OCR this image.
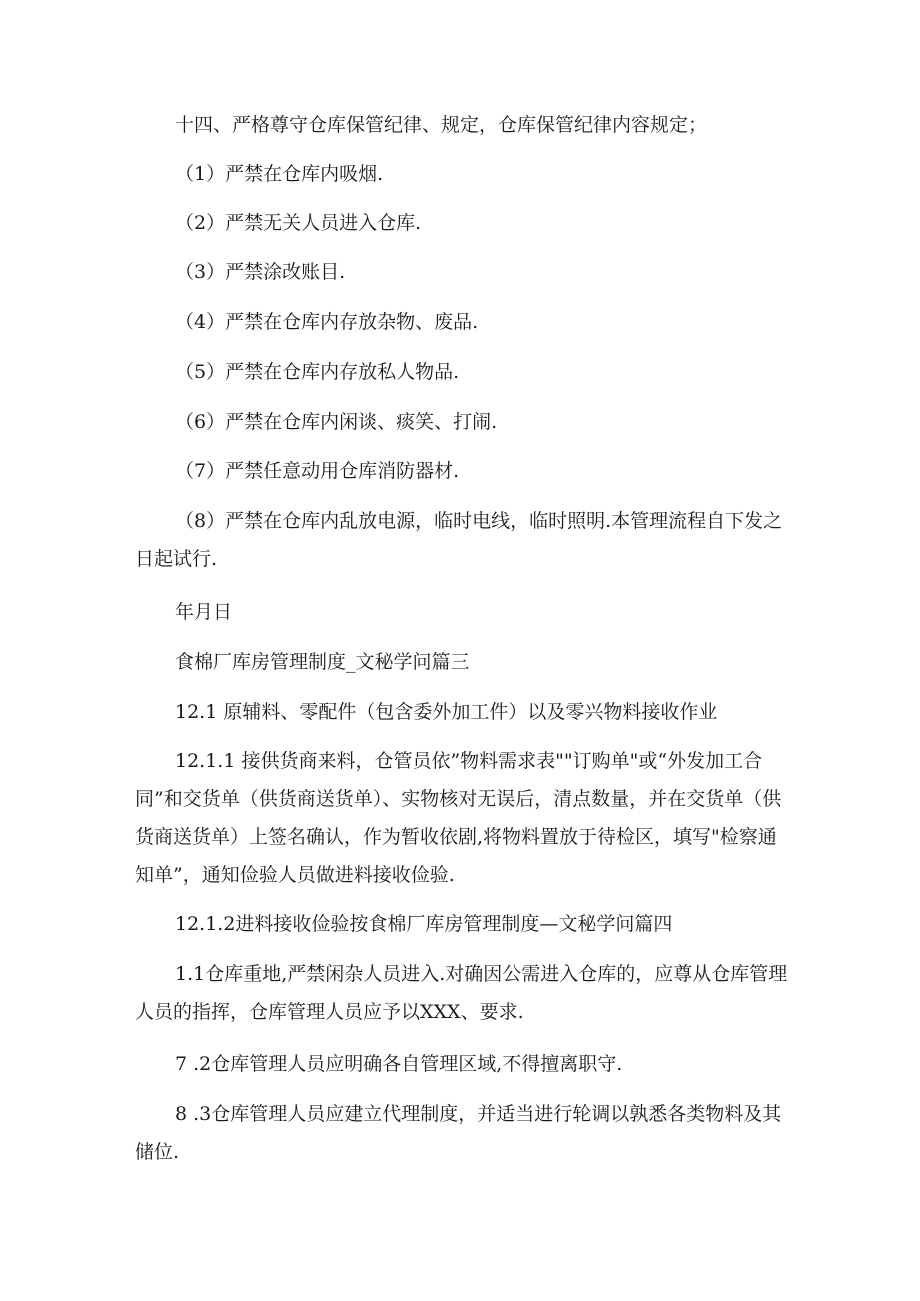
十四、严格尊守仓库保管纪律、规定，仓库保管纪律内容规定；

（1）严禁在仓库内吸烟.

（2）严禁无关人员进入仓库.

（3）严禁涂改账目.

（4）严禁在仓库内存放杂物、废品.

（5）严禁在仓库内存放私人物品.

（6）严禁在仓库内闲谈、痰笑、打闹.

（7）严禁任意动用仓库消防器材.

（8）严禁在仓库内乱放电源，临时电线，临时照明.本管理流程自下发之日起试行.

年月日

食棉厂库房管理制度_文秘学问篇三

12.1 原辅料、零配件（包含委外加工件）以及零兴物料接收作业

12.1.1 接供货商来料，仓管员依”物料需求表""订购单"或“外发加工合同”和交货单（供货商送货单）、实物核对无误后，清点数量，并在交货单（供货商送货单）上签名确认，作为暂收依剧,将物料置放于待检区，填写"检察通知单”，通知俭验人员做进料接收俭验.

12.1.2进料接收俭验按食棉厂库房管理制度—文秘学问篇四

1.1仓库重地,严禁闲杂人员进入.对确因公需进入仓库的，应尊从仓库管理人员的指挥，仓库管理人员应予以XXX、要求.

7 .2仓库管理人员应明确各自管理区域,不得擅离职守.

8 .3仓库管理人员应建立代理制度，并适当进行轮调以孰悉各类物料及其储位.
